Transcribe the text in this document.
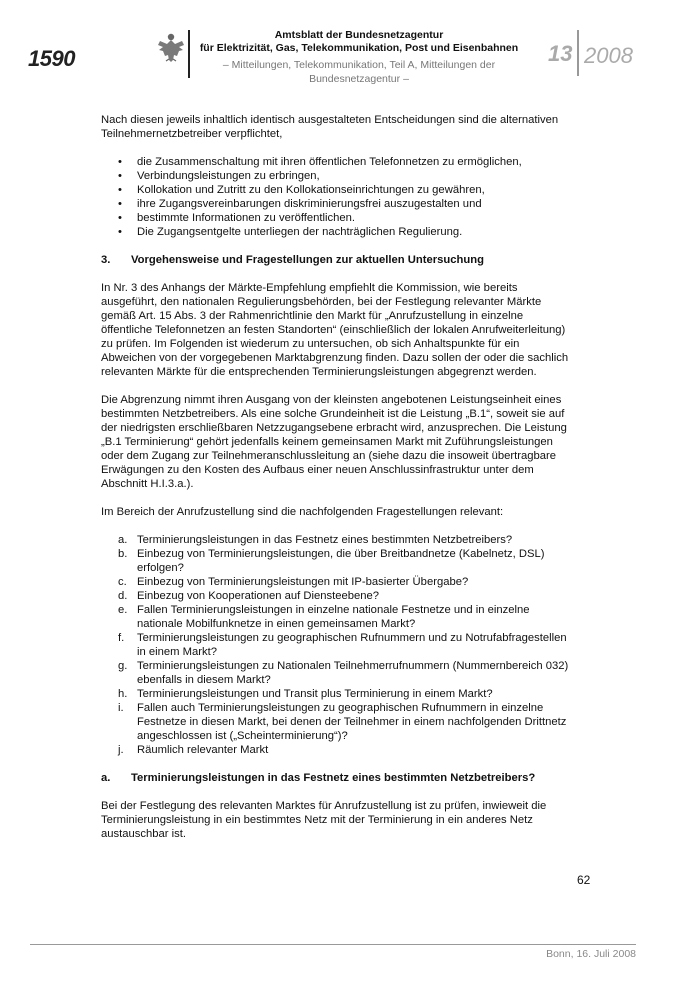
1590
Amtsblatt der Bundesnetzagentur
für Elektrizität, Gas, Telekommunikation, Post und Eisenbahnen
– Mitteilungen, Telekommunikation, Teil A, Mitteilungen der Bundesnetzagentur –
13 2008

Nach diesen jeweils inhaltlich identisch ausgestalteten Entscheidungen sind die alternativen Teilnehmernetzbetreiber verpflichtet,

• die Zusammenschaltung mit ihren öffentlichen Telefonnetzen zu ermöglichen,
• Verbindungsleistungen zu erbringen,
• Kollokation und Zutritt zu den Kollokationseinrichtungen zu gewähren,
• ihre Zugangsvereinbarungen diskriminierungsfrei auszugestalten und
• bestimmte Informationen zu veröffentlichen.
• Die Zugangsentgelte unterliegen der nachträglichen Regulierung.
3. Vorgehensweise und Fragestellungen zur aktuellen Untersuchung

In Nr. 3 des Anhangs der Märkte-Empfehlung empfiehlt die Kommission, wie bereits ausgeführt, den nationalen Regulierungsbehörden, bei der Festlegung relevanter Märkte gemäß Art. 15 Abs. 3 der Rahmenrichtlinie den Markt für „Anrufzustellung in einzelne öffentliche Telefonnetzen an festen Standorten“ (einschließlich der lokalen Anrufweiterleitung) zu prüfen. Im Folgenden ist wiederum zu untersuchen, ob sich Anhaltspunkte für ein Abweichen von der vorgegebenen Marktabgrenzung finden. Dazu sollen der oder die sachlich relevanten Märkte für die entsprechenden Terminierungsleistungen abgegrenzt werden.

Die Abgrenzung nimmt ihren Ausgang von der kleinsten angebotenen Leistungseinheit eines bestimmten Netzbetreibers. Als eine solche Grundeinheit ist die Leistung „B.1“, soweit sie auf der niedrigsten erschließbaren Netzzugangsebene erbracht wird, anzusprechen. Die Leistung „B.1 Terminierung“ gehört jedenfalls keinem gemeinsamen Markt mit Zuführungsleistungen oder dem Zugang zur Teilnehmeranschlussleitung an (siehe dazu die insoweit übertragbare Erwägungen zu den Kosten des Aufbaus einer neuen Anschlussinfrastruktur unter dem Abschnitt H.I.3.a.).

Im Bereich der Anrufzustellung sind die nachfolgenden Fragestellungen relevant:

a. Terminierungsleistungen in das Festnetz eines bestimmten Netzbetreibers?
b. Einbezug von Terminierungsleistungen, die über Breitbandnetze (Kabelnetz, DSL) erfolgen?
c. Einbezug von Terminierungsleistungen mit IP-basierter Übergabe?
d. Einbezug von Kooperationen auf Diensteebene?
e. Fallen Terminierungsleistungen in einzelne nationale Festnetze und in einzelne nationale Mobilfunknetze in einen gemeinsamen Markt?
f. Terminierungsleistungen zu geographischen Rufnummern und zu Notrufabfragestellen in einem Markt?
g. Terminierungsleistungen zu Nationalen Teilnehmerrufnummern (Nummernbereich 032) ebenfalls in diesem Markt?
h. Terminierungsleistungen und Transit plus Terminierung in einem Markt?
i. Fallen auch Terminierungsleistungen zu geographischen Rufnummern in einzelne Festnetze in diesen Markt, bei denen der Teilnehmer in einem nachfolgenden Drittnetz angeschlossen ist („Scheinterminierung“)?
j. Räumlich relevanter Markt
a. Terminierungsleistungen in das Festnetz eines bestimmten Netzbetreibers?

Bei der Festlegung des relevanten Marktes für Anrufzustellung ist zu prüfen, inwieweit die Terminierungsleistung in ein bestimmtes Netz mit der Terminierung in ein anderes Netz austauschbar ist.

62
Bonn, 16. Juli 2008
